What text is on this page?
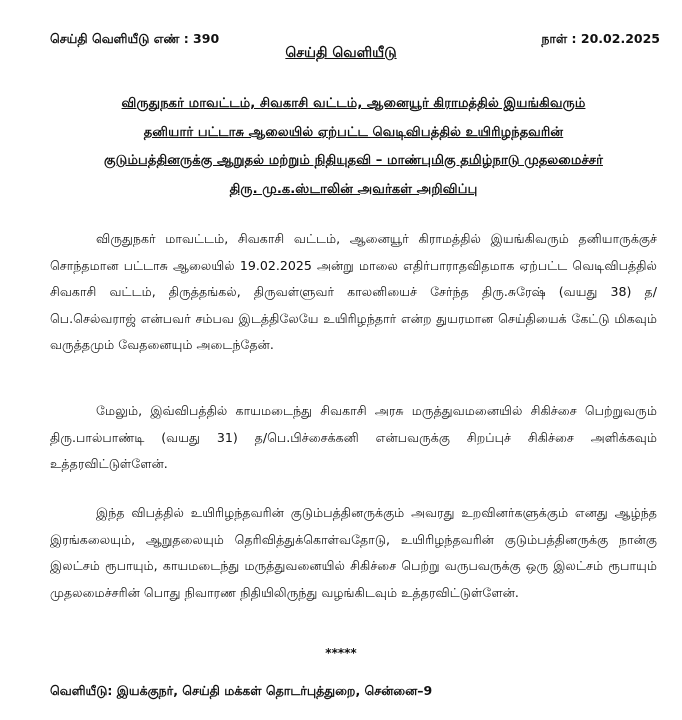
செய்தி வெளியீடு எண் : 390	நாள் : 20.02.2025
செய்தி வெளியீடு
விருதுநகர் மாவட்டம், சிவகாசி வட்டம், ஆனையூர் கிராமத்தில் இயங்கிவரும்
தனியார் பட்டாசு ஆலையில் ஏற்பட்ட வெடிவிபத்தில் உயிரிழந்தவரின்
குடும்பத்தினருக்கு ஆறுதல் மற்றும் நிதியுதவி – மாண்புமிகு தமிழ்நாடு முதலமைச்சர்
திரு. மு.க.ஸ்டாலின் அவர்கள் அறிவிப்பு
விருதுநகர் மாவட்டம், சிவகாசி வட்டம், ஆனையூர் கிராமத்தில் இயங்கிவரும் தனியாருக்குச் சொந்தமான பட்டாசு ஆலையில் 19.02.2025 அன்று மாலை எதிர்பாராதவிதமாக ஏற்பட்ட வெடிவிபத்தில் சிவகாசி வட்டம், திருத்தங்கல், திருவள்ளுவர் காலனியைச் சேர்ந்த திரு.சுரேஷ் (வயது 38) த/பெ.செல்வராஜ் என்பவர் சம்பவ இடத்திலேயே உயிரிழந்தார் என்ற துயரமான செய்தியைக் கேட்டு மிகவும் வருத்தமும் வேதனையும் அடைந்தேன்.
மேலும், இவ்விபத்தில் காயமடைந்து சிவகாசி அரசு மருத்துவமனையில் சிகிச்சை பெற்றுவரும் திரு.பால்பாண்டி (வயது 31) த/பெ.பிச்சைக்கனி என்பவருக்கு சிறப்புச் சிகிச்சை அளிக்கவும் உத்தரவிட்டுள்ளேன்.
இந்த விபத்தில் உயிரிழந்தவரின் குடும்பத்தினருக்கும் அவரது உறவினர்களுக்கும் எனது ஆழ்ந்த இரங்கலையும், ஆறுதலையும் தெரிவித்துக்கொள்வதோடு, உயிரிழந்தவரின் குடும்பத்தினருக்கு நான்கு இலட்சம் ரூபாயும், காயமடைந்து மருத்துவனையில் சிகிச்சை பெற்று வருபவருக்கு ஒரு இலட்சம் ரூபாயும் முதலமைச்சரின் பொது நிவாரண நிதியிலிருந்து வழங்கிடவும் உத்தரவிட்டுள்ளேன்.
*****
வெளியீடு: இயக்குநர், செய்தி மக்கள் தொடர்புத்துறை, சென்னை–9
